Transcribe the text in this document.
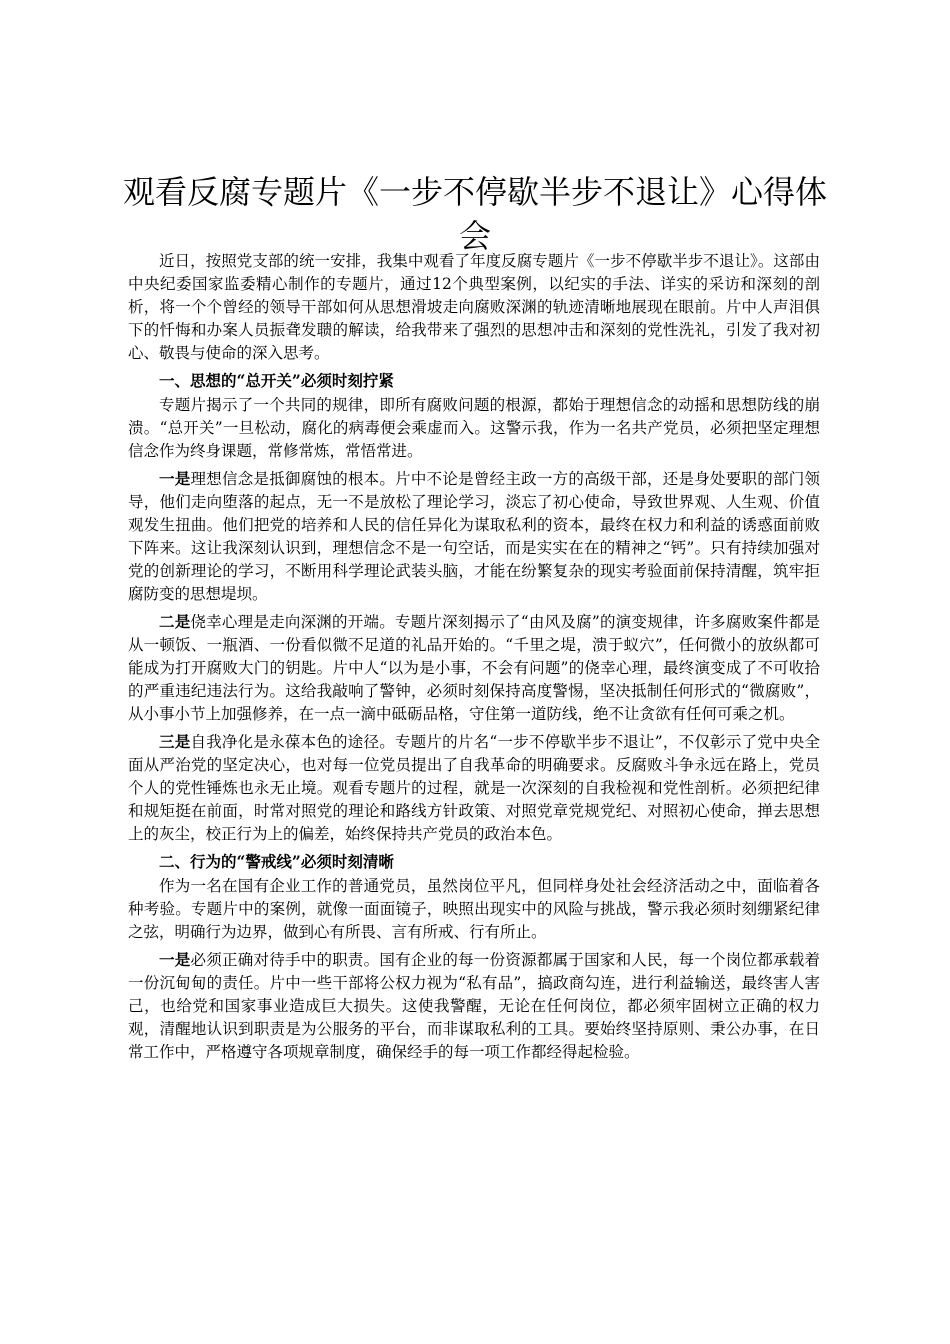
观看反腐专题片《一步不停歇半步不退让》心得体会

近日，按照党支部的统一安排，我集中观看了年度反腐专题片《一步不停歇半步不退让》。这部由中央纪委国家监委精心制作的专题片，通过12个典型案例，以纪实的手法、详实的采访和深刻的剖析，将一个个曾经的领导干部如何从思想滑坡走向腐败深渊的轨迹清晰地展现在眼前。片中人声泪俱下的忏悔和办案人员振聋发聩的解读，给我带来了强烈的思想冲击和深刻的党性洗礼，引发了我对初心、敬畏与使命的深入思考。

一、思想的“总开关”必须时刻拧紧

专题片揭示了一个共同的规律，即所有腐败问题的根源，都始于理想信念的动摇和思想防线的崩溃。“总开关”一旦松动，腐化的病毒便会乘虚而入。这警示我，作为一名共产党员，必须把坚定理想信念作为终身课题，常修常炼，常悟常进。

一是理想信念是抵御腐蚀的根本。片中不论是曾经主政一方的高级干部，还是身处要职的部门领导，他们走向堕落的起点，无一不是放松了理论学习，淡忘了初心使命，导致世界观、人生观、价值观发生扭曲。他们把党的培养和人民的信任异化为谋取私利的资本，最终在权力和利益的诱惑面前败下阵来。这让我深刻认识到，理想信念不是一句空话，而是实实在在的精神之“钙”。只有持续加强对党的创新理论的学习，不断用科学理论武装头脑，才能在纷繁复杂的现实考验面前保持清醒，筑牢拒腐防变的思想堤坝。

二是侥幸心理是走向深渊的开端。专题片深刻揭示了“由风及腐”的演变规律，许多腐败案件都是从一顿饭、一瓶酒、一份看似微不足道的礼品开始的。“千里之堤，溃于蚁穴”，任何微小的放纵都可能成为打开腐败大门的钥匙。片中人“以为是小事，不会有问题”的侥幸心理，最终演变成了不可收拾的严重违纪违法行为。这给我敲响了警钟，必须时刻保持高度警惕，坚决抵制任何形式的“微腐败”，从小事小节上加强修养，在一点一滴中砥砺品格，守住第一道防线，绝不让贪欲有任何可乘之机。

三是自我净化是永葆本色的途径。专题片的片名“一步不停歇半步不退让”，不仅彰示了党中央全面从严治党的坚定决心，也对每一位党员提出了自我革命的明确要求。反腐败斗争永远在路上，党员个人的党性锤炼也永无止境。观看专题片的过程，就是一次深刻的自我检视和党性剖析。必须把纪律和规矩挺在前面，时常对照党的理论和路线方针政策、对照党章党规党纪、对照初心使命，掸去思想上的灰尘，校正行为上的偏差，始终保持共产党员的政治本色。

二、行为的“警戒线”必须时刻清晰

作为一名在国有企业工作的普通党员，虽然岗位平凡，但同样身处社会经济活动之中，面临着各种考验。专题片中的案例，就像一面面镜子，映照出现实中的风险与挑战，警示我必须时刻绷紧纪律之弦，明确行为边界，做到心有所畏、言有所戒、行有所止。

一是必须正确对待手中的职责。国有企业的每一份资源都属于国家和人民，每一个岗位都承载着一份沉甸甸的责任。片中一些干部将公权力视为“私有品”，搞政商勾连，进行利益输送，最终害人害己，也给党和国家事业造成巨大损失。这使我警醒，无论在任何岗位，都必须牢固树立正确的权力观，清醒地认识到职责是为公服务的平台，而非谋取私利的工具。要始终坚持原则、秉公办事，在日常工作中，严格遵守各项规章制度，确保经手的每一项工作都经得起检验。
